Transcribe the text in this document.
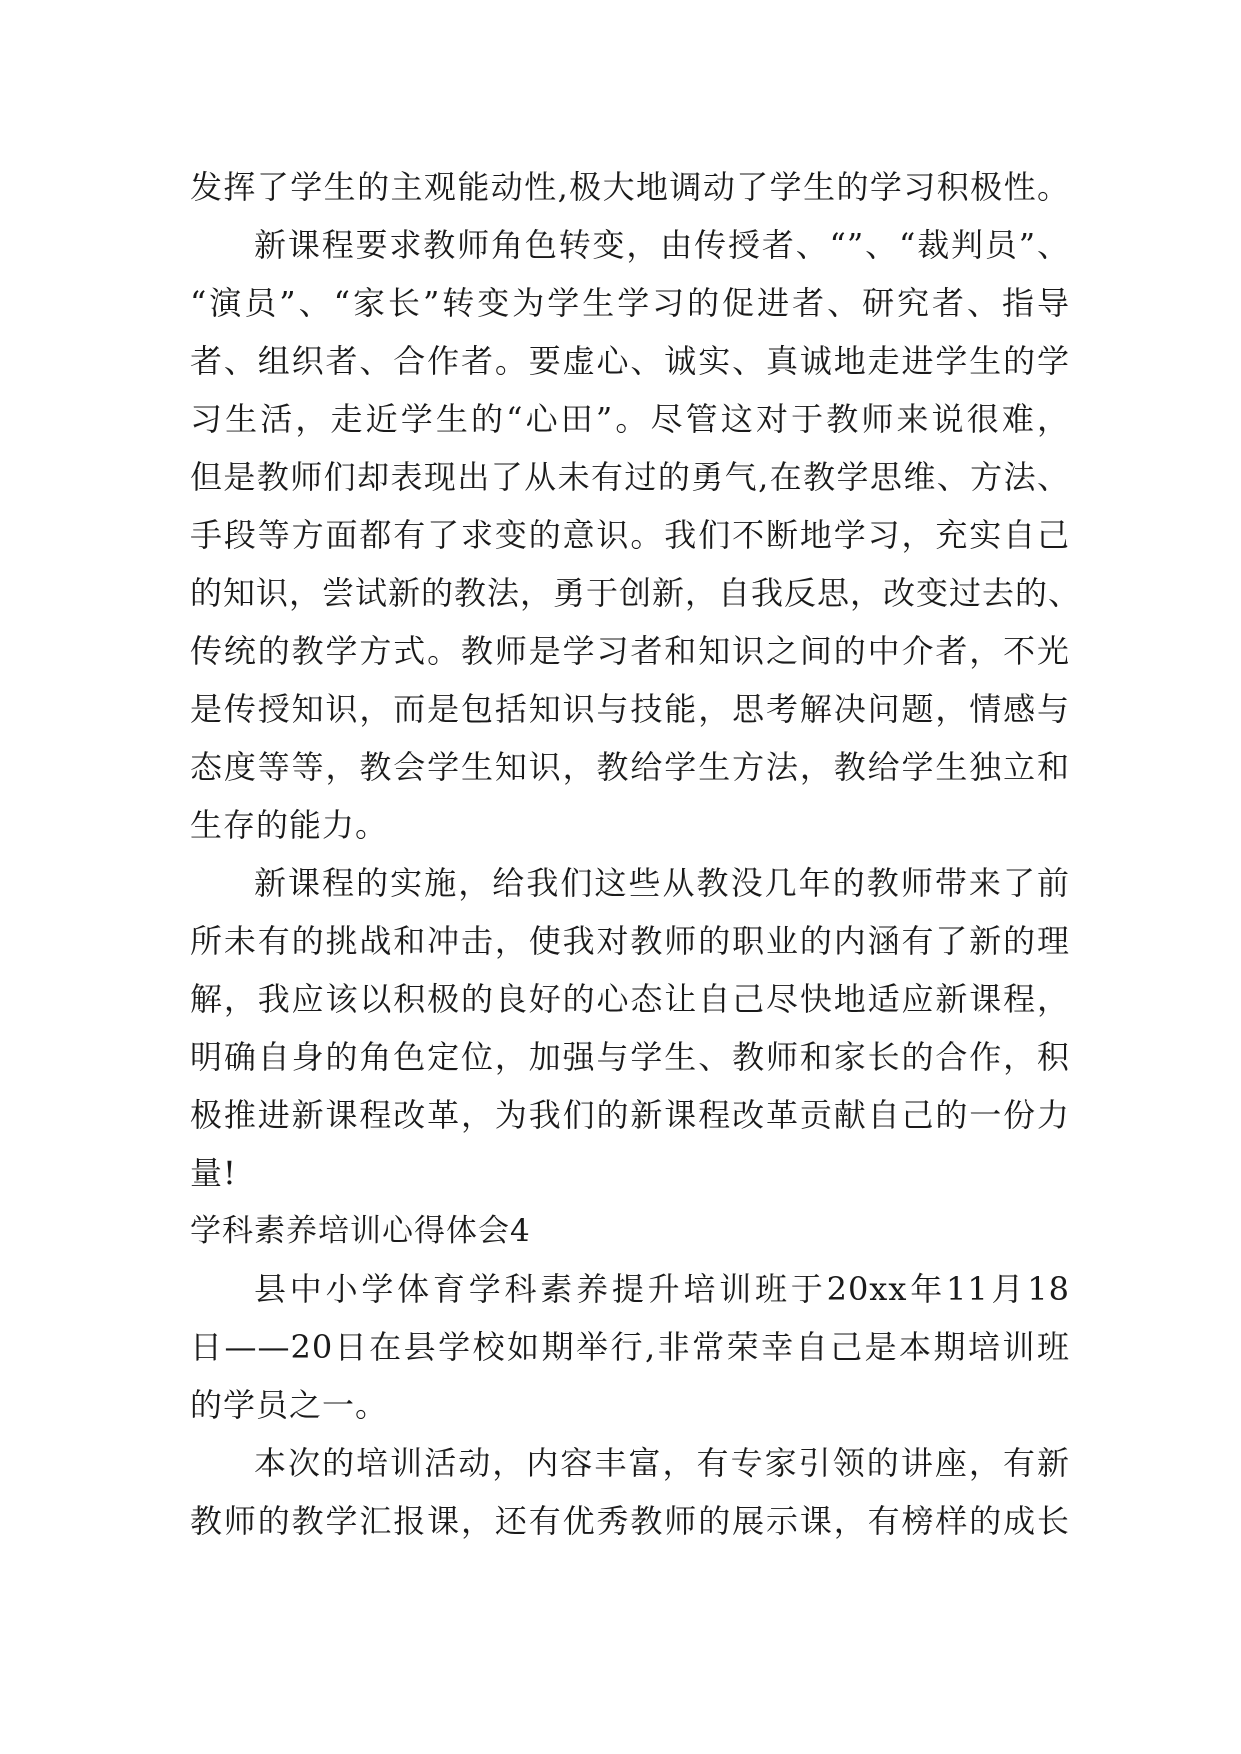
发挥了学生的主观能动性,极大地调动了学生的学习积极性。
新课程要求教师角色转变，由传授者、“”、“裁判员”、
“演员”、“家长”转变为学生学习的促进者、研究者、指导
者、组织者、合作者。要虚心、诚实、真诚地走进学生的学
习生活，走近学生的“心田”。尽管这对于教师来说很难，
但是教师们却表现出了从未有过的勇气,在教学思维、方法、
手段等方面都有了求变的意识。我们不断地学习，充实自己
的知识，尝试新的教法，勇于创新，自我反思，改变过去的、
传统的教学方式。教师是学习者和知识之间的中介者，不光
是传授知识，而是包括知识与技能，思考解决问题，情感与
态度等等，教会学生知识，教给学生方法，教给学生独立和
生存的能力。
新课程的实施，给我们这些从教没几年的教师带来了前
所未有的挑战和冲击，使我对教师的职业的内涵有了新的理
解，我应该以积极的良好的心态让自己尽快地适应新课程，
明确自身的角色定位，加强与学生、教师和家长的合作，积
极推进新课程改革，为我们的新课程改革贡献自己的一份力
量!
学科素养培训心得体会4
县中小学体育学科素养提升培训班于20xx年11月18
日——20日在县学校如期举行,非常荣幸自己是本期培训班
的学员之一。
本次的培训活动，内容丰富，有专家引领的讲座，有新
教师的教学汇报课，还有优秀教师的展示课，有榜样的成长
